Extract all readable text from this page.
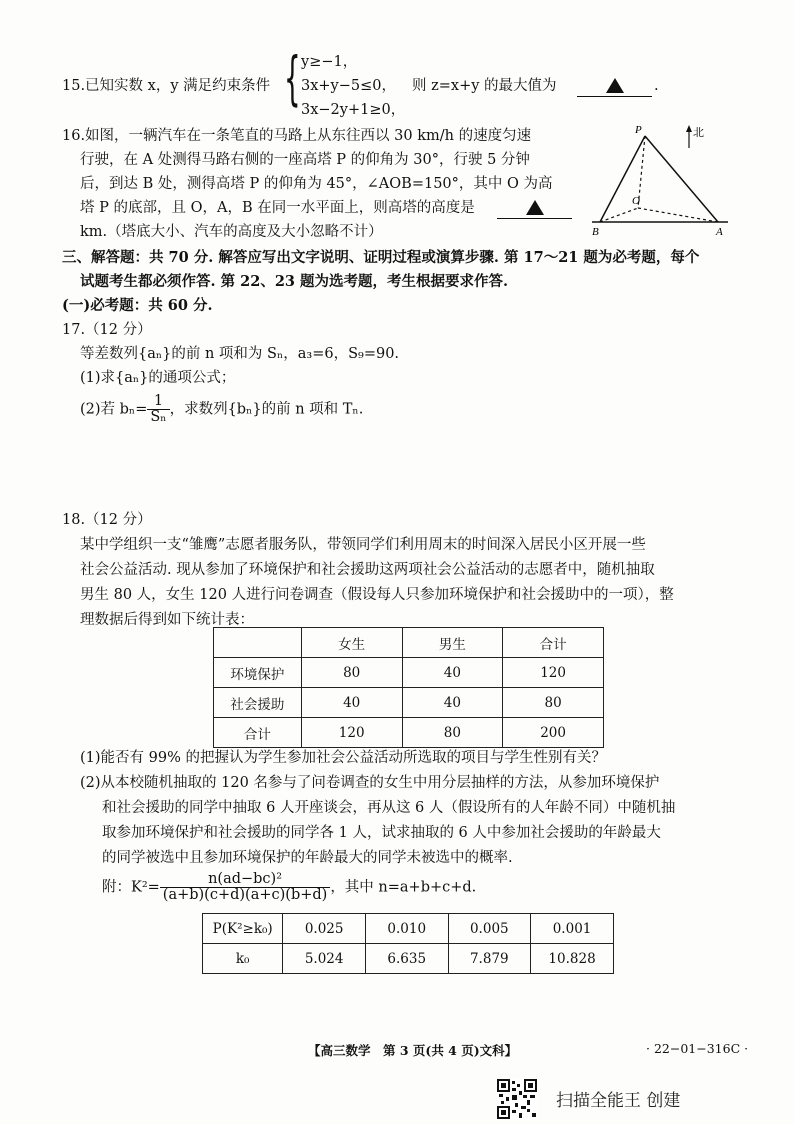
15.已知实数 x，y 满足约束条件 { y≥−1，
3x+y−5≤0，
3x−2y+1≥0，
则 z=x+y 的最大值为	.
16.如图，一辆汽车在一条笔直的马路上从东往西以 30 km/h 的速度匀速
行驶，在 A 处测得马路右侧的一座高塔 P 的仰角为 30°，行驶 5 分钟
后，到达 B 处，测得高塔 P 的仰角为 45°，∠AOB=150°，其中 O 为高
塔 P 的底部，且 O，A，B 在同一水平面上，则高塔的高度是
km.（塔底大小、汽车的高度及大小忽略不计）
P
O
B	A
北
三、解答题：共 70 分. 解答应写出文字说明、证明过程或演算步骤. 第 17～21 题为必考题，每个
试题考生都必须作答. 第 22、23 题为选考题，考生根据要求作答.
(一)必考题：共 60 分.
17.（12 分）
等差数列{aₙ}的前 n 项和为 Sₙ，a₃=6，S₉=90.
(1)求{aₙ}的通项公式；
(2)若 $b_n= \frac{1}{\text{Sₙ}}$ ，求数列{bₙ}的前 n 项和 Tₙ.
18.（12 分）
某中学组织一支“雏鹰”志愿者服务队，带领同学们利用周末的时间深入居民小区开展一些
社会公益活动. 现从参加了环境保护和社会援助这两项社会公益活动的志愿者中，随机抽取
男生 80 人，女生 120 人进行问卷调查（假设每人只参加环境保护和社会援助中的一项），整
理数据后得到如下统计表：
	女生	男生	合计
环境保护	80	40	120
社会援助	40	40	80
合计	120	80	200
(1)能否有 99% 的把握认为学生参加社会公益活动所选取的项目与学生性别有关？
(2)从本校随机抽取的 120 名参与了问卷调查的女生中用分层抽样的方法，从参加环境保护
和社会援助的同学中抽取 6 人开座谈会，再从这 6 人（假设所有的人年龄不同）中随机抽
取参加环境保护和社会援助的同学各 1 人，试求抽取的 6 人中参加社会援助的年龄最大
的同学被选中且参加环境保护的年龄最大的同学未被选中的概率.
附：$K^2= \frac{\text{n(ad−bc)²}}{(a+b)(c+d)(a+c)(b+d)}$ ，其中 n=a+b+c+d.
P(K²≥k₀)	0.025	0.010	0.005	0.001
k₀	5.024	6.635	7.879	10.828
【高三数学　第 3 页(共 4 页)文科】	· 22−01−316C ·
扫描全能王 创建
